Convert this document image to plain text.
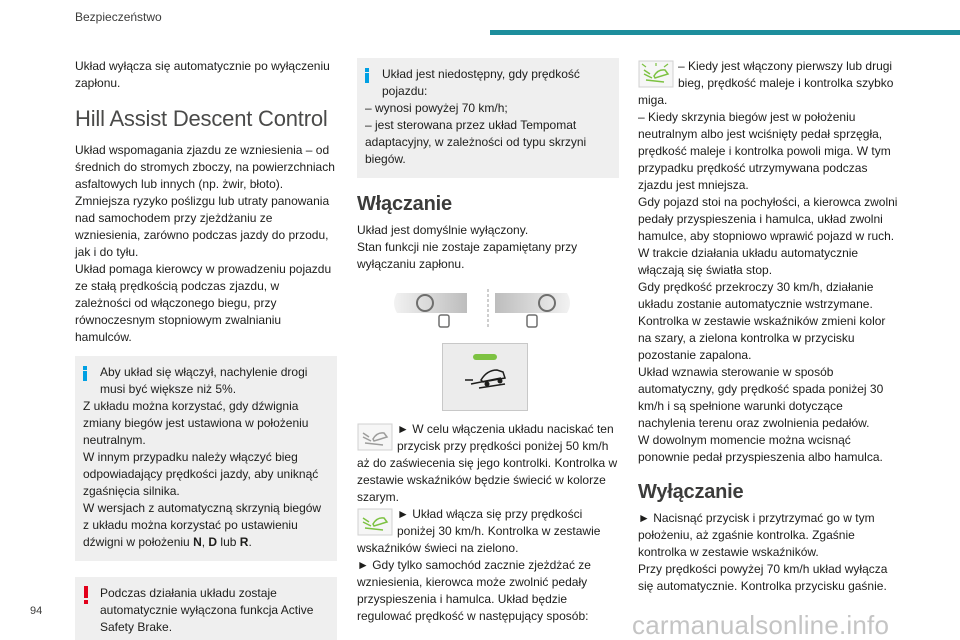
Bezpieczeństwo

Układ wyłącza się automatycznie po wyłączeniu zapłonu.

Hill Assist Descent Control

Układ wspomagania zjazdu ze wzniesienia – od średnich do stromych zboczy, na powierzchniach asfaltowych lub innych (np. żwir, błoto).

Zmniejsza ryzyko poślizgu lub utraty panowania nad samochodem przy zjeżdżaniu ze wzniesienia, zarówno podczas jazdy do przodu, jak i do tyłu.

Układ pomaga kierowcy w prowadzeniu pojazdu ze stałą prędkością podczas zjazdu, w zależności od włączonego biegu, przy równoczesnym stopniowym zwalnianiu hamulców.

Aby układ się włączył, nachylenie drogi musi być większe niż 5%.

Z układu można korzystać, gdy dźwignia zmiany biegów jest ustawiona w położeniu neutralnym.

W innym przypadku należy włączyć bieg odpowiadający prędkości jazdy, aby uniknąć zgaśnięcia silnika.

W wersjach z automatyczną skrzynią biegów z układu można korzystać po ustawieniu dźwigni w położeniu N, D lub R.

Podczas działania układu zostaje automatycznie wyłączona funkcja Active Safety Brake.

Układ jest niedostępny, gdy prędkość pojazdu:

– wynosi powyżej 70 km/h;

– jest sterowana przez układ Tempomat adaptacyjny, w zależności od typu skrzyni biegów.

Włączanie

Układ jest domyślnie wyłączony.

Stan funkcji nie zostaje zapamiętany przy wyłączaniu zapłonu.

► W celu włączenia układu naciskać ten przycisk przy prędkości poniżej 50 km/h aż do zaświecenia się jego kontrolki. Kontrolka w zestawie wskaźników będzie świecić w kolorze szarym.

► Układ włącza się przy prędkości poniżej 30 km/h. Kontrolka w zestawie wskaźników świeci na zielono.

► Gdy tylko samochód zacznie zjeżdżać ze wzniesienia, kierowca może zwolnić pedały przyspieszenia i hamulca. Układ będzie regulować prędkość w następujący sposób:

– Kiedy jest włączony pierwszy lub drugi bieg, prędkość maleje i kontrolka szybko miga.

– Kiedy skrzynia biegów jest w położeniu neutralnym albo jest wciśnięty pedał sprzęgła, prędkość maleje i kontrolka powoli miga. W tym przypadku prędkość utrzymywana podczas zjazdu jest mniejsza.

Gdy pojazd stoi na pochyłości, a kierowca zwolni pedały przyspieszenia i hamulca, układ zwolni hamulce, aby stopniowo wprawić pojazd w ruch.

W trakcie działania układu automatycznie włączają się światła stop.

Gdy prędkość przekroczy 30 km/h, działanie układu zostanie automatycznie wstrzymane. Kontrolka w zestawie wskaźników zmieni kolor na szary, a zielona kontrolka w przycisku pozostanie zapalona.

Układ wznawia sterowanie w sposób automatyczny, gdy prędkość spada poniżej 30 km/h i są spełnione warunki dotyczące nachylenia terenu oraz zwolnienia pedałów.

W dowolnym momencie można wcisnąć ponownie pedał przyspieszenia albo hamulca.

Wyłączanie

► Nacisnąć przycisk i przytrzymać go w tym położeniu, aż zgaśnie kontrolka. Zgaśnie kontrolka w zestawie wskaźników.

Przy prędkości powyżej 70 km/h układ wyłącza się automatycznie. Kontrolka przycisku gaśnie.

94	carmanualsonline.info
